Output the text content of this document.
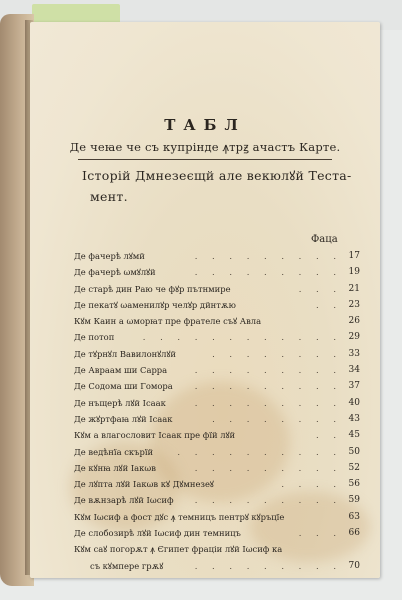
ТАБЛ
Де чеꙗе че съ купрінде ꙟтрꙃ ачастъ Карте.
Історій Дмнезеєщй але векюлꙋй Теста-
мент.
Фаца
. . . . . . . . .
Де фачерѣ лꙋмй	17
. . . . . . . . .
Де фачерѣ ωмꙋлꙋй	19
. . .
Де старѣ дин Раю че фꙋр пътнмире	21
. .
Де пекатꙋ ωаменилꙋр челꙋр дйнтѫю	23
Кꙋм Каин а ωморꙗт пре фрателе съꙋ Авла	26
. . . . . . . . . . . .
Де потоп	29
. . . . . . . .
Де тꙋрнꙋл Вавилонꙋлꙋй	33
. . . . . . . . .
Де Авраам ши Сарра	34
. . . . . . . . .
Де Содома ши Гомора	37
. . . . . . . . .
Де нъщерѣ лꙋй Ісаак	40
. . . . . . . .
Де жꙋртфаꙗ лꙋй Ісаак	43
. .
Кꙋм а влагословит Ісаак пре фїй лꙋй	45
. . . . . . . . . .
Де ведѣнїа скърїй	50
. . . . . . . . .
Де кꙋнꙗ лꙋй Іакωв	52
. . . .
Де лꙋпта лꙋй Іакωв кꙋ Дꙋмнезеꙋ	56
. . . . . . . . .
Де вѫнзарѣ лꙋй Іωсиф	59
Кꙋм Іωсиф а фост дꙋс ꙟ темницъ пентрꙋ кꙋръцїе	63
. . .
Де слобозирѣ лꙋй Іωсиф дин темницъ	66
Кꙋм саꙋ погорѫт ꙟ Єгипет фраціи лꙋй Іωсиф ка
. . . . . . . . .
съ кꙋмпере грѫꙋ	70
